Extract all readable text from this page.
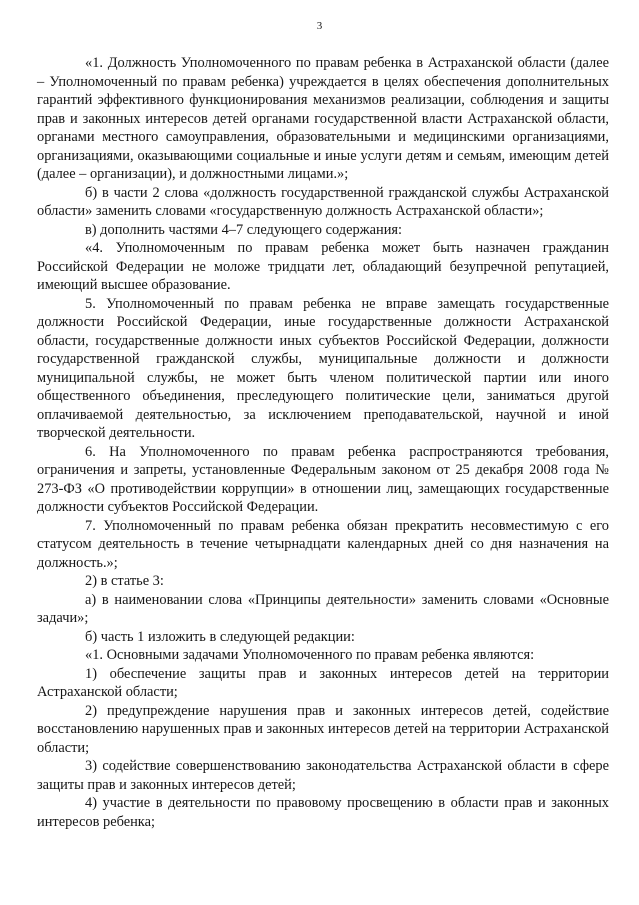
3

«1. Должность Уполномоченного по правам ребенка в Астраханской области (далее – Уполномоченный по правам ребенка) учреждается в целях обеспечения дополнительных гарантий эффективного функционирования механизмов реализации, соблюдения и защиты прав и законных интересов детей органами государственной власти Астраханской области, органами местного самоуправления, образовательными и медицинскими организациями, организациями, оказывающими социальные и иные услуги детям и семьям, имеющим детей (далее – организации), и должностными лицами.»;

б) в части 2 слова «должность государственной гражданской службы Астраханской области» заменить словами «государственную должность Астраханской области»;

в) дополнить частями 4–7 следующего содержания:

«4. Уполномоченным по правам ребенка может быть назначен гражданин Российской Федерации не моложе тридцати лет, обладающий безупречной репутацией, имеющий высшее образование.

5. Уполномоченный по правам ребенка не вправе замещать государственные должности Российской Федерации, иные государственные должности Астраханской области, государственные должности иных субъектов Российской Федерации, должности государственной гражданской службы, муниципальные должности и должности муниципальной службы, не может быть членом политической партии или иного общественного объединения, преследующего политические цели, заниматься другой оплачиваемой деятельностью, за исключением преподавательской, научной и иной творческой деятельности.

6. На Уполномоченного по правам ребенка распространяются требования, ограничения и запреты, установленные Федеральным законом от 25 декабря 2008 года № 273-ФЗ «О противодействии коррупции» в отношении лиц, замещающих государственные должности субъектов Российской Федерации.

7. Уполномоченный по правам ребенка обязан прекратить несовместимую с его статусом деятельность в течение четырнадцати календарных дней со дня назначения на должность.»;

2) в статье 3:

а) в наименовании слова «Принципы деятельности» заменить словами «Основные задачи»;

б) часть 1 изложить в следующей редакции:

«1. Основными задачами Уполномоченного по правам ребенка являются:

1) обеспечение защиты прав и законных интересов детей на территории Астраханской области;

2) предупреждение нарушения прав и законных интересов детей, содействие восстановлению нарушенных прав и законных интересов детей на территории Астраханской области;

3) содействие совершенствованию законодательства Астраханской области в сфере защиты прав и законных интересов детей;

4) участие в деятельности по правовому просвещению в области прав и законных интересов ребенка;
